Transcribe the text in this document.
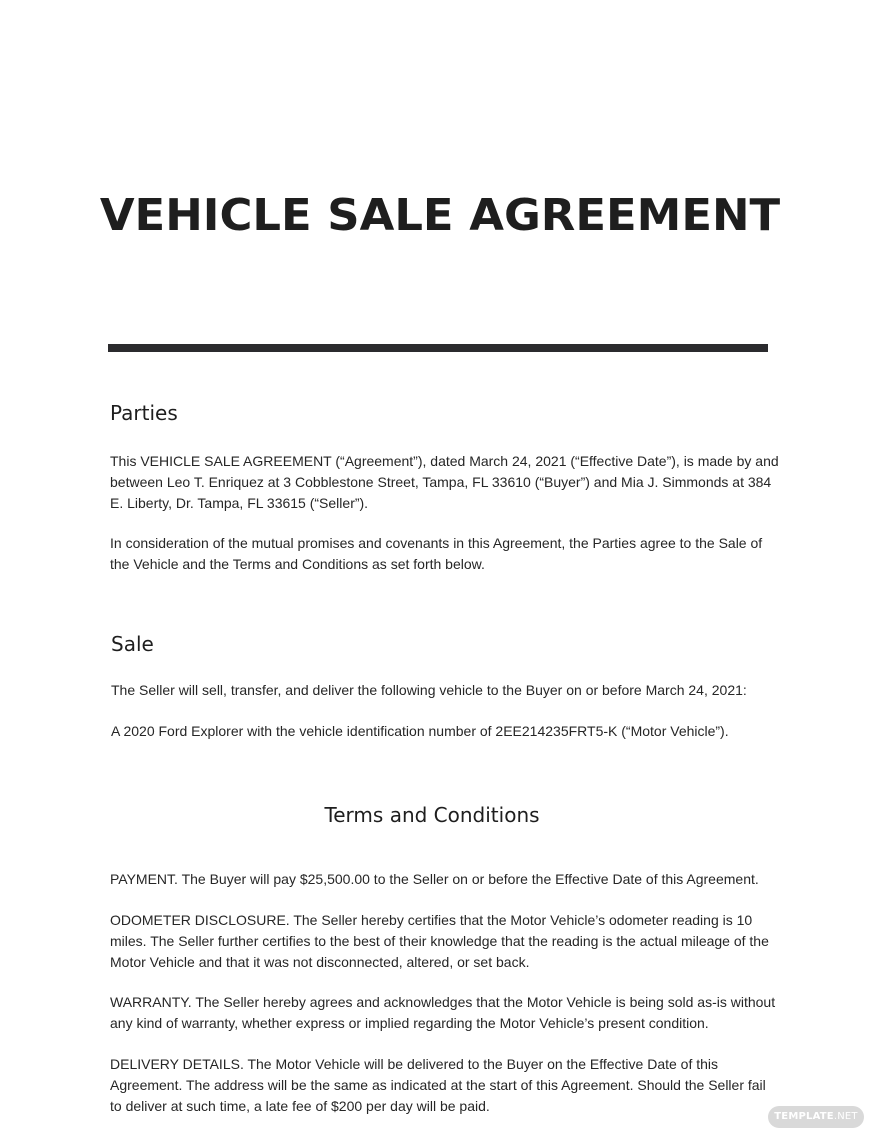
VEHICLE SALE AGREEMENT
Parties

This VEHICLE SALE AGREEMENT (“Agreement”), dated March 24, 2021 (“Effective Date”), is made by and between Leo T. Enriquez at 3 Cobblestone Street, Tampa, FL 33610 (“Buyer”) and Mia J. Simmonds at 384 E. Liberty, Dr. Tampa, FL 33615 (“Seller”).

In consideration of the mutual promises and covenants in this Agreement, the Parties agree to the Sale of the Vehicle and the Terms and Conditions as set forth below.

Sale

The Seller will sell, transfer, and deliver the following vehicle to the Buyer on or before March 24, 2021:

A 2020 Ford Explorer with the vehicle identification number of 2EE214235FRT5-K (“Motor Vehicle”).

Terms and Conditions

PAYMENT. The Buyer will pay $25,500.00 to the Seller on or before the Effective Date of this Agreement.

ODOMETER DISCLOSURE. The Seller hereby certifies that the Motor Vehicle’s odometer reading is 10 miles. The Seller further certifies to the best of their knowledge that the reading is the actual mileage of the Motor Vehicle and that it was not disconnected, altered, or set back.

WARRANTY. The Seller hereby agrees and acknowledges that the Motor Vehicle is being sold as-is without any kind of warranty, whether express or implied regarding the Motor Vehicle’s present condition.

DELIVERY DETAILS. The Motor Vehicle will be delivered to the Buyer on the Effective Date of this Agreement. The address will be the same as indicated at the start of this Agreement. Should the Seller fail to deliver at such time, a late fee of $200 per day will be paid.

TEMPLATE.NET
